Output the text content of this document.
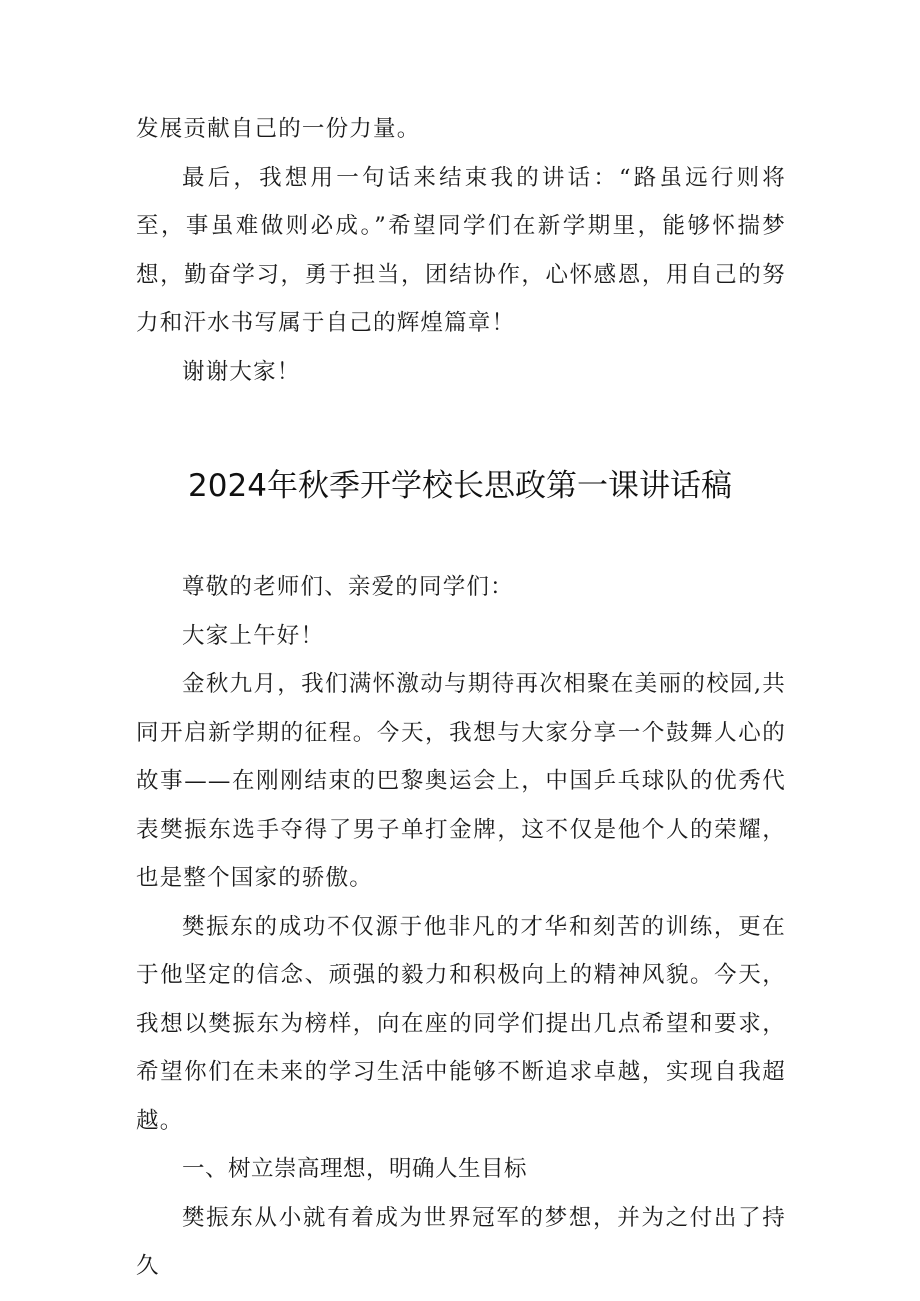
发展贡献自己的一份力量。

最后，我想用一句话来结束我的讲话：“路虽远行则将至，事虽难做则必成。”希望同学们在新学期里，能够怀揣梦想，勤奋学习，勇于担当，团结协作，心怀感恩，用自己的努力和汗水书写属于自己的辉煌篇章！

谢谢大家！

2024年秋季开学校长思政第一课讲话稿

尊敬的老师们、亲爱的同学们：

大家上午好！

金秋九月，我们满怀激动与期待再次相聚在美丽的校园,共同开启新学期的征程。今天，我想与大家分享一个鼓舞人心的故事——在刚刚结束的巴黎奥运会上，中国乒乓球队的优秀代表樊振东选手夺得了男子单打金牌，这不仅是他个人的荣耀，也是整个国家的骄傲。

樊振东的成功不仅源于他非凡的才华和刻苦的训练，更在于他坚定的信念、顽强的毅力和积极向上的精神风貌。今天，我想以樊振东为榜样，向在座的同学们提出几点希望和要求，希望你们在未来的学习生活中能够不断追求卓越，实现自我超越。

一、树立崇高理想，明确人生目标

樊振东从小就有着成为世界冠军的梦想，并为之付出了持久
